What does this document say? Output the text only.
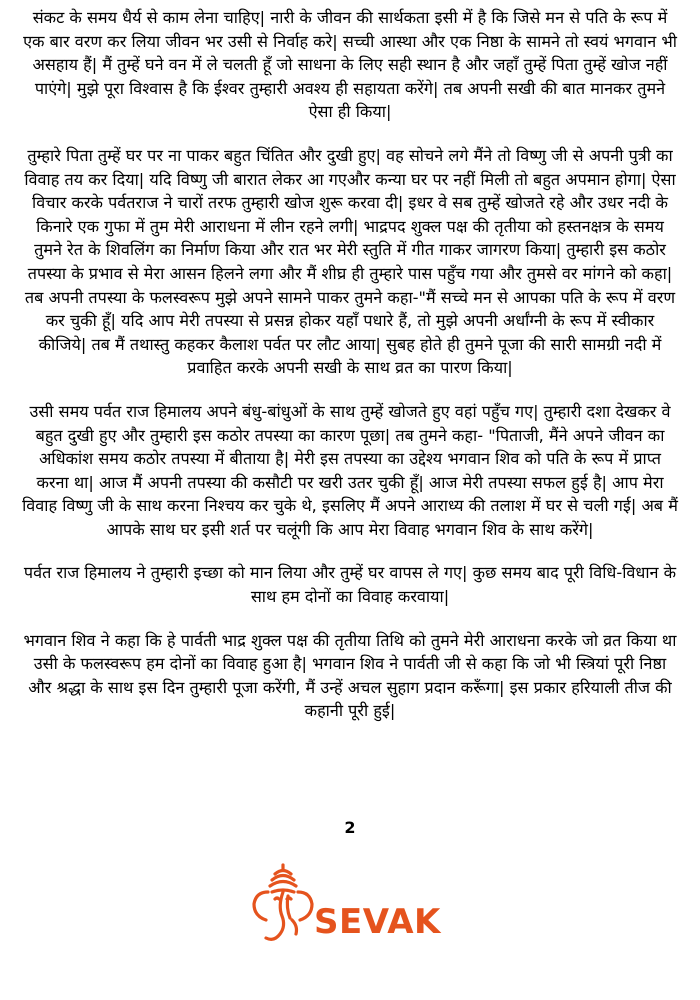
संकट के समय धैर्य से काम लेना चाहिए| नारी के जीवन की सार्थकता इसी में है कि जिसे मन से पति के रूप में एक बार वरण कर लिया जीवन भर उसी से निर्वाह करे| सच्ची आस्था और एक निष्ठा के सामने तो स्वयं भगवान भी असहाय हैं| मैं तुम्हें घने वन में ले चलती हूँ जो साधना के लिए सही स्थान है और जहाँ तुम्हें पिता तुम्हें खोज नहीं पाएंगे| मुझे पूरा विश्वास है कि ईश्वर तुम्हारी अवश्य ही सहायता करेंगे| तब अपनी सखी की बात मानकर तुमने ऐसा ही किया|

तुम्हारे पिता तुम्हें घर पर ना पाकर बहुत चिंतित और दुखी हुए| वह सोचने लगे मैंने तो विष्णु जी से अपनी पुत्री का विवाह तय कर दिया| यदि विष्णु जी बारात लेकर आ गएऔर कन्या घर पर नहीं मिली तो बहुत अपमान होगा| ऐसा विचार करके पर्वतराज ने चारों तरफ तुम्हारी खोज शुरू करवा दी| इधर वे सब तुम्हें खोजते रहे और उधर नदी के किनारे एक गुफा में तुम मेरी आराधना में लीन रहने लगी| भाद्रपद शुक्ल पक्ष की तृतीया को हस्तनक्षत्र के समय तुमने रेत के शिवलिंग का निर्माण किया और रात भर मेरी स्तुति में गीत गाकर जागरण किया| तुम्हारी इस कठोर तपस्या के प्रभाव से मेरा आसन हिलने लगा और मैं शीघ्र ही तुम्हारे पास पहुँच गया और तुमसे वर मांगने को कहा| तब अपनी तपस्या के फलस्वरूप मुझे अपने सामने पाकर तुमने कहा-"मैं सच्चे मन से आपका पति के रूप में वरण कर चुकी हूँ| यदि आप मेरी तपस्या से प्रसन्न होकर यहाँ पधारे हैं, तो मुझे अपनी अर्धांग्नी के रूप में स्वीकार कीजिये| तब मैं तथास्तु कहकर कैलाश पर्वत पर लौट आया| सुबह होते ही तुमने पूजा की सारी सामग्री नदी में प्रवाहित करके अपनी सखी के साथ व्रत का पारण किया|

उसी समय पर्वत राज हिमालय अपने बंधु-बांधुओं के साथ तुम्हें खोजते हुए वहां पहुँच गए| तुम्हारी दशा देखकर वे बहुत दुखी हुए और तुम्हारी इस कठोर तपस्या का कारण पूछा| तब तुमने कहा- "पिताजी, मैंने अपने जीवन का अधिकांश समय कठोर तपस्या में बीताया है| मेरी इस तपस्या का उद्देश्य भगवान शिव को पति के रूप में प्राप्त करना था| आज मैं अपनी तपस्या की कसौटी पर खरी उतर चुकी हूँ| आज मेरी तपस्या सफल हुई है| आप मेरा विवाह विष्णु जी के साथ करना निश्चय कर चुके थे, इसलिए मैं अपने आराध्य की तलाश में घर से चली गई| अब मैं आपके साथ घर इसी शर्त पर चलूंगी कि आप मेरा विवाह भगवान शिव के साथ करेंगे|

पर्वत राज हिमालय ने तुम्हारी इच्छा को मान लिया और तुम्हें घर वापस ले गए| कुछ समय बाद पूरी विधि-विधान के साथ हम दोनों का विवाह करवाया|

भगवान शिव ने कहा कि हे पार्वती भाद्र शुक्ल पक्ष की तृतीया तिथि को तुमने मेरी आराधना करके जो व्रत किया था उसी के फलस्वरूप हम दोनों का विवाह हुआ है| भगवान शिव ने पार्वती जी से कहा कि जो भी स्त्रियां पूरी निष्ठा और श्रद्धा के साथ इस दिन तुम्हारी पूजा करेंगी, मैं उन्हें अचल सुहाग प्रदान करूँगा| इस प्रकार हरियाली तीज की कहानी पूरी हुई|

2
SEVAK
